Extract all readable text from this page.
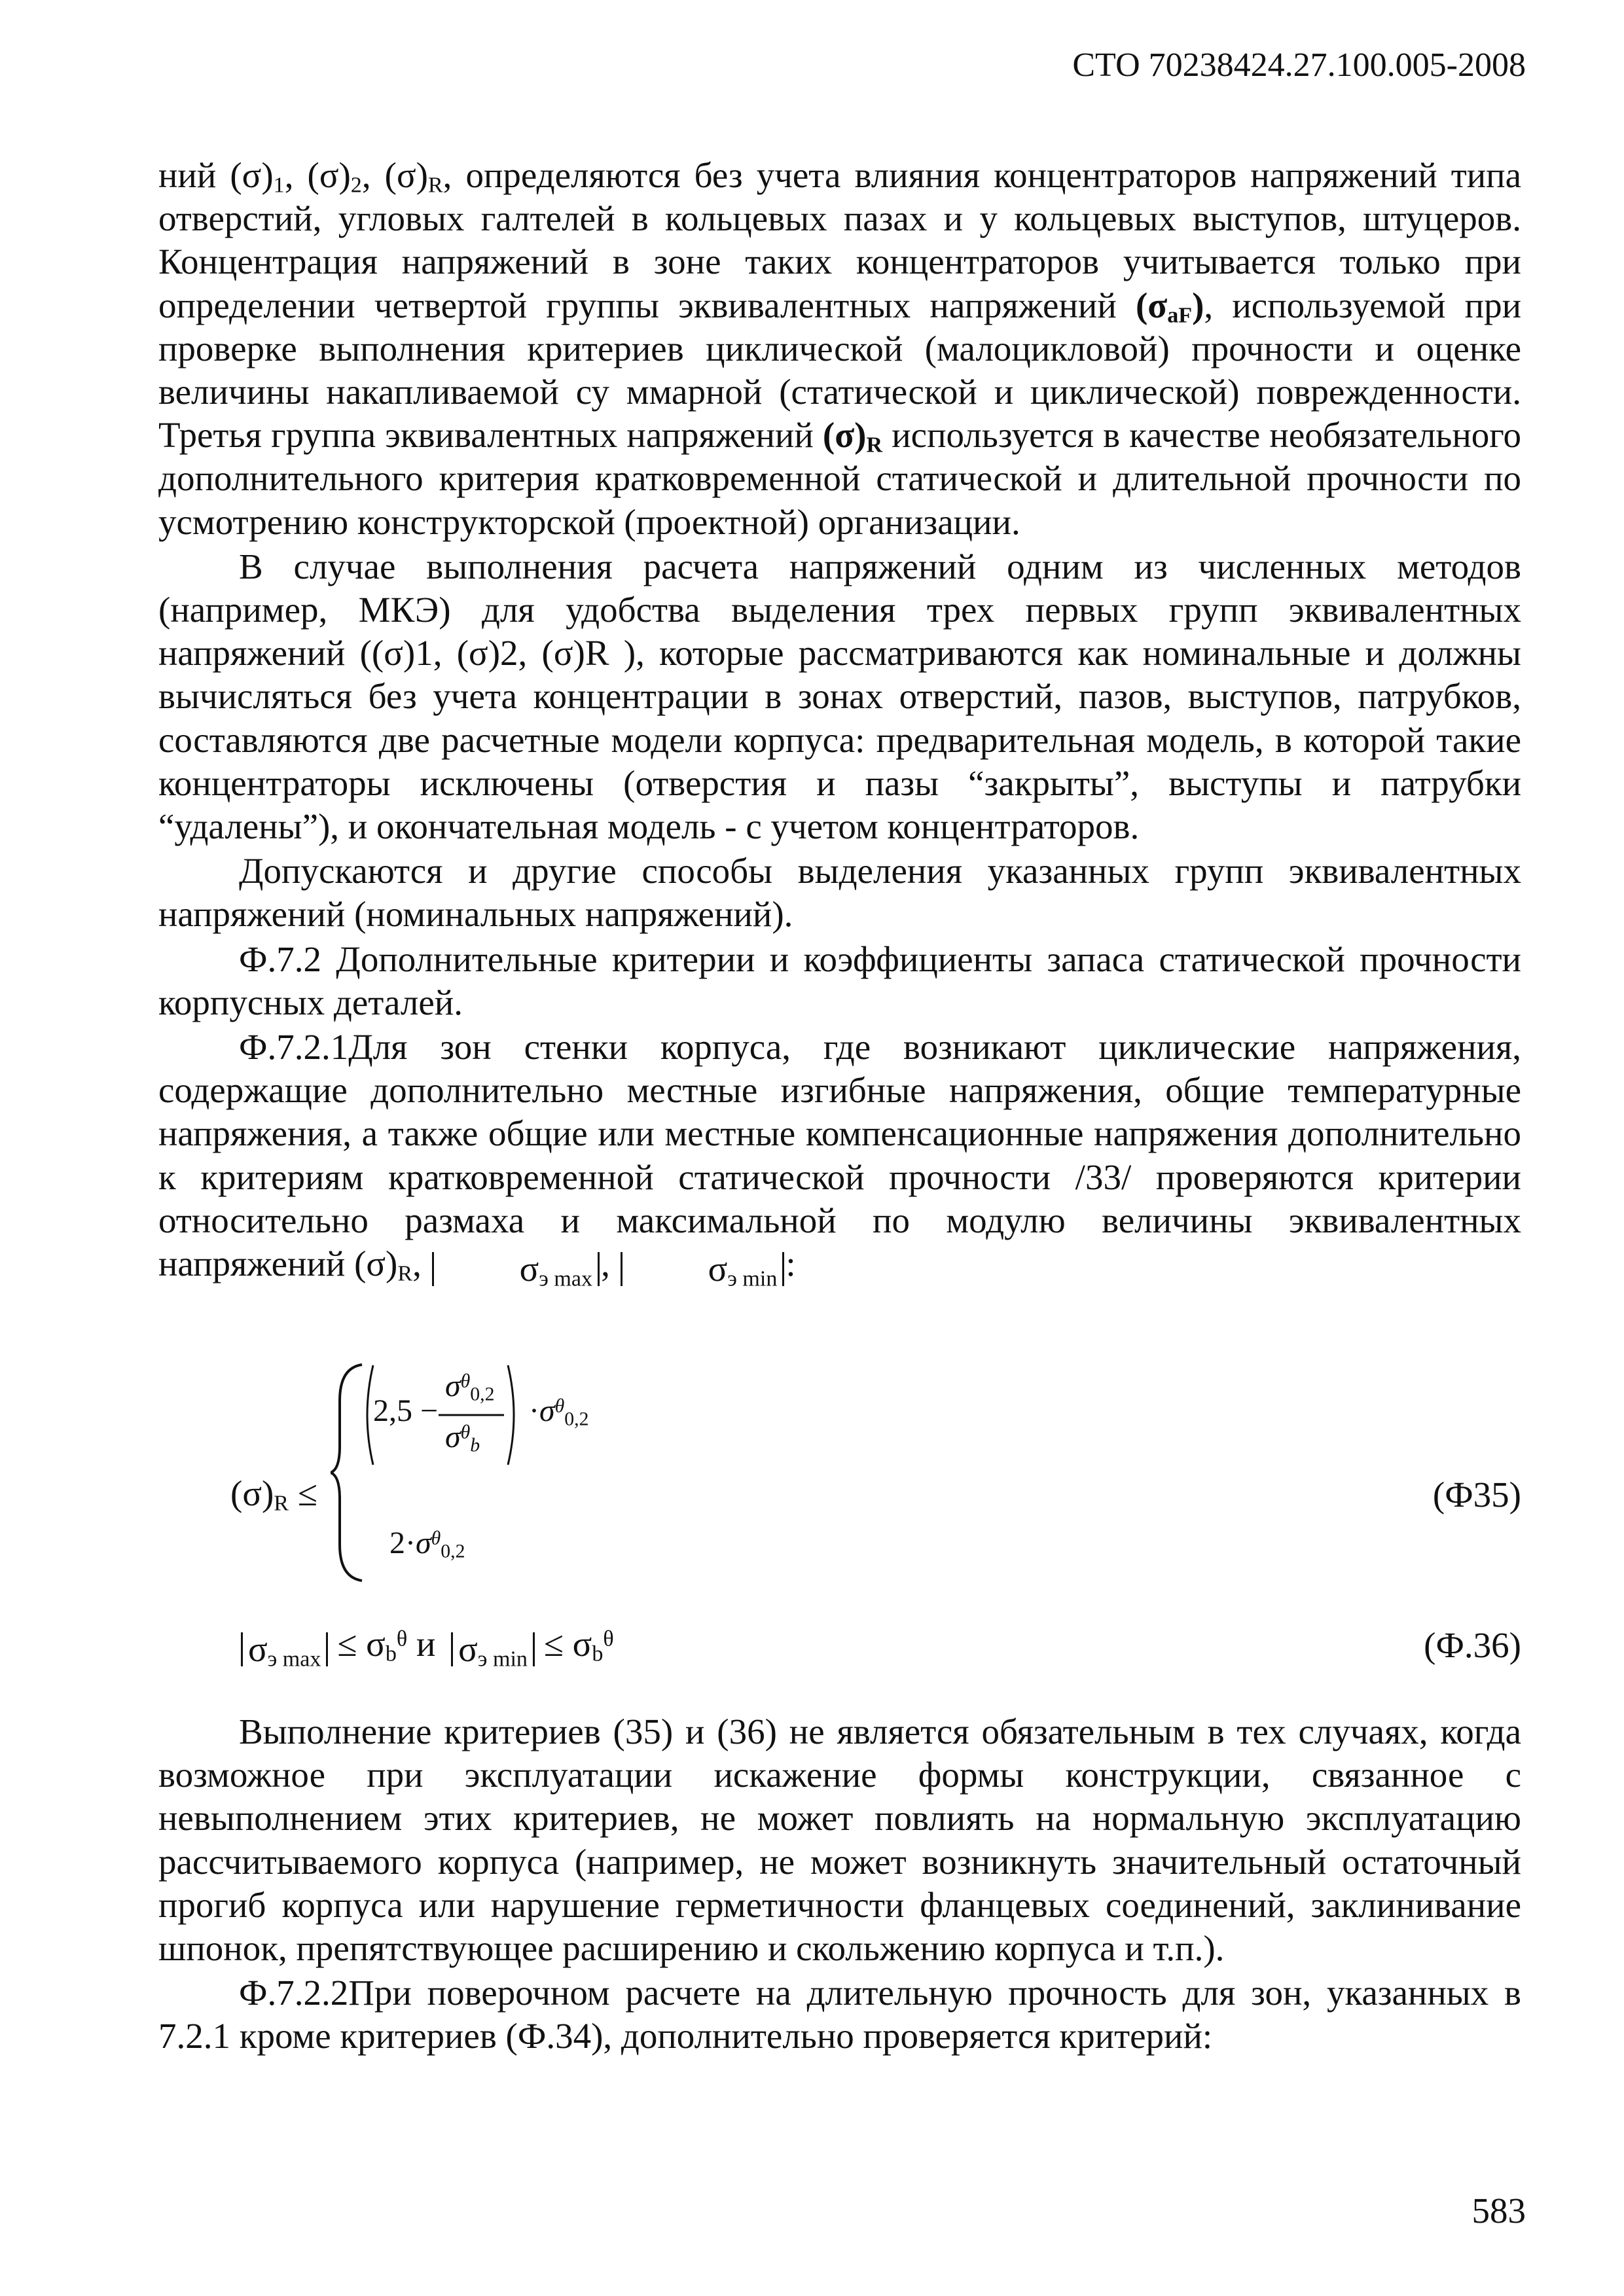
СТО 70238424.27.100.005-2008

ний $(\sigma)_1$, $(\sigma)_2$, $(\sigma)_R$, определяются без учета влияния концентраторов напряжений типа отверстий, угловых галтелей в кольцевых пазах и у кольцевых выступов, штуцеров. Концентрация напряжений в зоне таких концентраторов учитывается только при определении четвертой группы эквивалентных напряжений $(\sigma_{aF})$, используемой при проверке выполнения критериев циклической (малоцикловой) прочности и оценке величины накапливаемой су ммарной (статической и циклической) поврежденности. Третья группа эквивалентных напряжений $(\sigma)_R$ используется в качестве необязательного дополнительного критерия кратковременной статической и длительной прочности по усмотрению конструкторской (проектной) организации.

В случае выполнения расчета напряжений одним из численных методов (например, МКЭ) для удобства выделения трех первых групп эквивалентных напряжений ((σ)1, (σ)2, (σ)R ), которые рассматриваются как номинальные и должны вычисляться без учета концентрации в зонах отверстий, пазов, выступов, патрубков, составляются две расчетные модели корпуса: предварительная модель, в которой такие концентраторы исключены (отверстия и пазы “закрыты”, выступы и патрубки “удалены”), и окончательная модель - с учетом концентраторов.

Допускаются и другие способы выделения указанных групп эквивалентных напряжений (номинальных напряжений).

Ф.7.2 Дополнительные критерии и коэффициенты запаса статической прочности корпусных деталей.

Ф.7.2.1Для зон стенки корпуса, где возникают циклические напряжения, содержащие дополнительно местные изгибные напряжения, общие температурные напряжения, а также общие или местные компенсационные напряжения дополнительно к критериям кратковременной статической прочности /33/ проверяются критерии относительно размаха и максимальной по модулю величины эквивалентных напряжений $(\sigma)_R$, $\sigma_{э max}$ , $\sigma_{э min}$ :

$(\sigma)_R$ ≤
2,5 −
$\sigma^\theta_{0,2}$
$\sigma^\theta_b$
$\cdot\sigma^\theta_{0,2}$
$2\cdot\sigma^\theta_{0,2}$
(Ф35)
$\sigma_{э max} \le \sigma_b^\theta$ и $\sigma_{э min} \le \sigma_b^\theta$	(Ф.36)

Выполнение критериев (35) и (36) не является обязательным в тех случаях, когда возможное при эксплуатации искажение формы конструкции, связанное с невыполнением этих критериев, не может повлиять на нормальную эксплуатацию рассчитываемого корпуса (например, не может возникнуть значительный остаточный прогиб корпуса или нарушение герметичности фланцевых соединений, заклинивание шпонок, препятствующее расширению и скольжению корпуса и т.п.).

Ф.7.2.2При поверочном расчете на длительную прочность для зон, указанных в 7.2.1 кроме критериев (Ф.34), дополнительно проверяется критерий:

583
